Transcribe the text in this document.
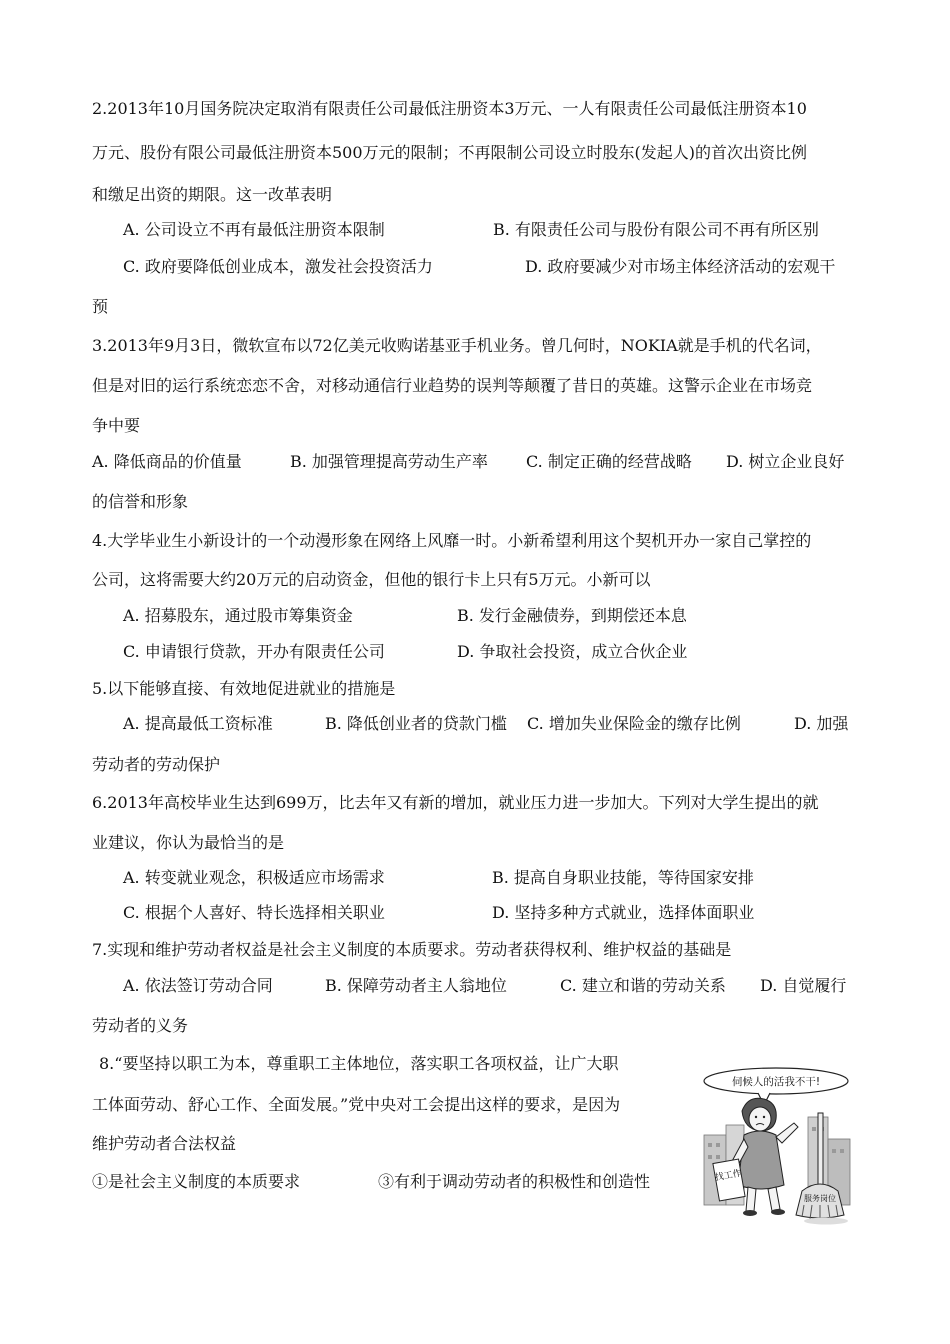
2.2013年10月国务院决定取消有限责任公司最低注册资本3万元、一人有限责任公司最低注册资本10
万元、股份有限公司最低注册资本500万元的限制；不再限制公司设立时股东(发起人)的首次出资比例
和缴足出资的期限。这一改革表明
A. 公司设立不再有最低注册资本限制	B. 有限责任公司与股份有限公司不再有所区别
C. 政府要降低创业成本，激发社会投资活力	D. 政府要减少对市场主体经济活动的宏观干
预
3.2013年9月3日，微软宣布以72亿美元收购诺基亚手机业务。曾几何时，NOKIA就是手机的代名词，
但是对旧的运行系统恋恋不舍，对移动通信行业趋势的误判等颠覆了昔日的英雄。这警示企业在市场竞
争中要
A. 降低商品的价值量	B. 加强管理提高劳动生产率 C. 制定正确的经营战略 D. 树立企业良好
的信誉和形象
4.大学毕业生小新设计的一个动漫形象在网络上风靡一时。小新希望利用这个契机开办一家自己掌控的
公司，这将需要大约20万元的启动资金，但他的银行卡上只有5万元。小新可以
A. 招募股东，通过股市筹集资金	B. 发行金融债券，到期偿还本息
C. 申请银行贷款，开办有限责任公司	D. 争取社会投资，成立合伙企业
5.以下能够直接、有效地促进就业的措施是
A. 提高最低工资标准	B. 降低创业者的贷款门槛 C. 增加失业保险金的缴存比例	D. 加强
劳动者的劳动保护
6.2013年高校毕业生达到699万，比去年又有新的增加，就业压力进一步加大。下列对大学生提出的就
业建议，你认为最恰当的是
A. 转变就业观念，积极适应市场需求	B. 提高自身职业技能，等待国家安排
C. 根据个人喜好、特长选择相关职业	D. 坚持多种方式就业，选择体面职业
7.实现和维护劳动者权益是社会主义制度的本质要求。劳动者获得权利、维护权益的基础是
A. 依法签订劳动合同	B. 保障劳动者主人翁地位	C. 建立和谐的劳动关系 D. 自觉履行
劳动者的义务
8.“要坚持以职工为本，尊重职工主体地位，落实职工各项权益，让广大职
工体面劳动、舒心工作、全面发展。”党中央对工会提出这样的要求，是因为
维护劳动者合法权益
①是社会主义制度的本质要求	③有利于调动劳动者的积极性和创造性
伺候人的活我不干!
找工作
服务岗位
